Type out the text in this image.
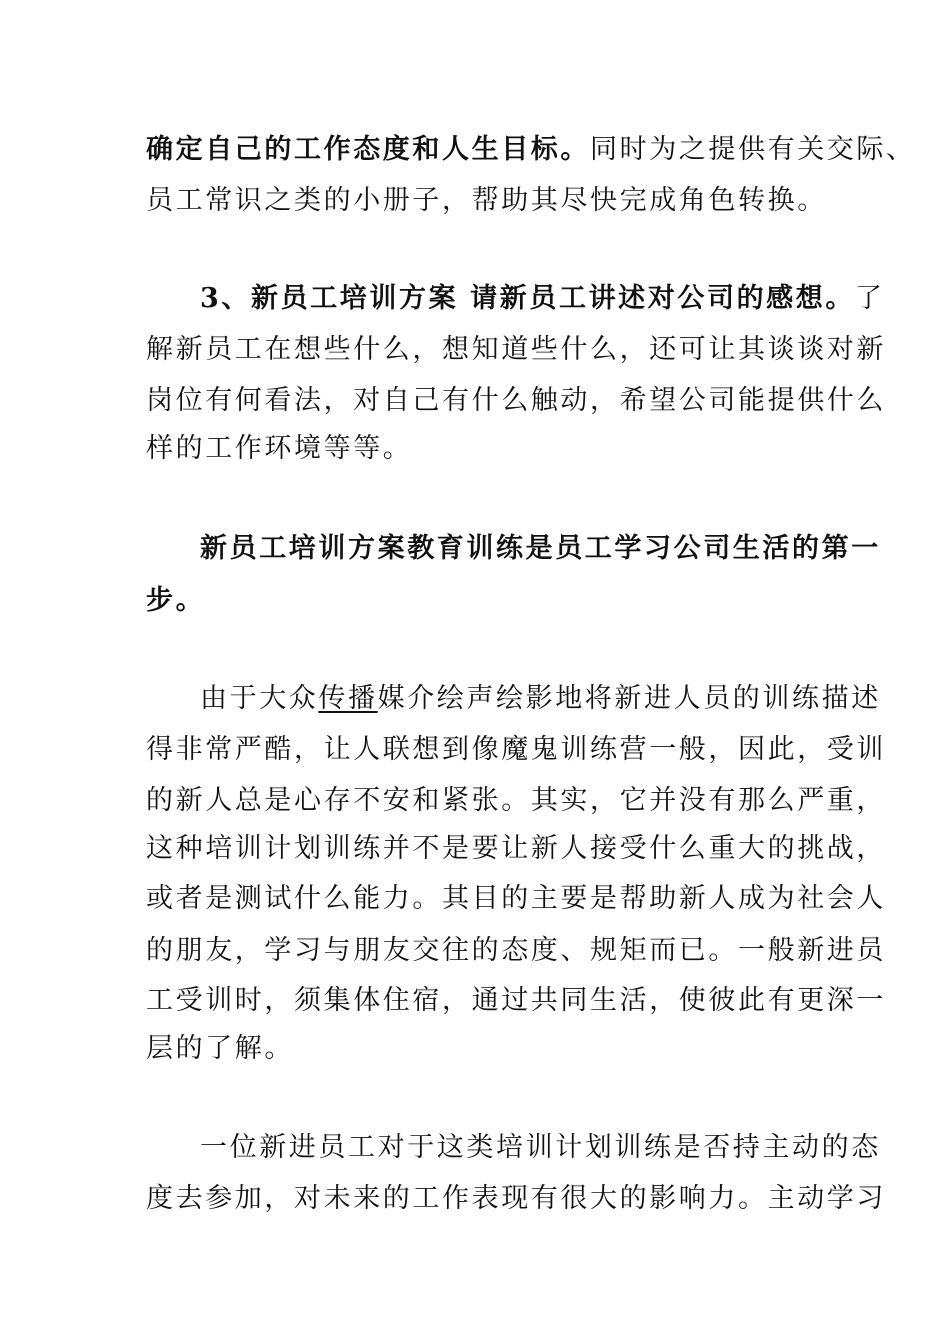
确定自己的工作态度和人生目标。同时为之提供有关交际、
员工常识之类的小册子，帮助其尽快完成角色转换。
3、新员工培训方案 请新员工讲述对公司的感想。了
解新员工在想些什么，想知道些什么，还可让其谈谈对新
岗位有何看法，对自己有什么触动，希望公司能提供什么
样的工作环境等等。
新员工培训方案教育训练是员工学习公司生活的第一
步。
由于大众传播媒介绘声绘影地将新进人员的训练描述
得非常严酷，让人联想到像魔鬼训练营一般，因此，受训
的新人总是心存不安和紧张。其实，它并没有那么严重，
这种培训计划训练并不是要让新人接受什么重大的挑战，
或者是测试什么能力。其目的主要是帮助新人成为社会人
的朋友，学习与朋友交往的态度、规矩而已。一般新进员
工受训时，须集体住宿，通过共同生活，使彼此有更深一
层的了解。
一位新进员工对于这类培训计划训练是否持主动的态
度去参加，对未来的工作表现有很大的影响力。主动学习
